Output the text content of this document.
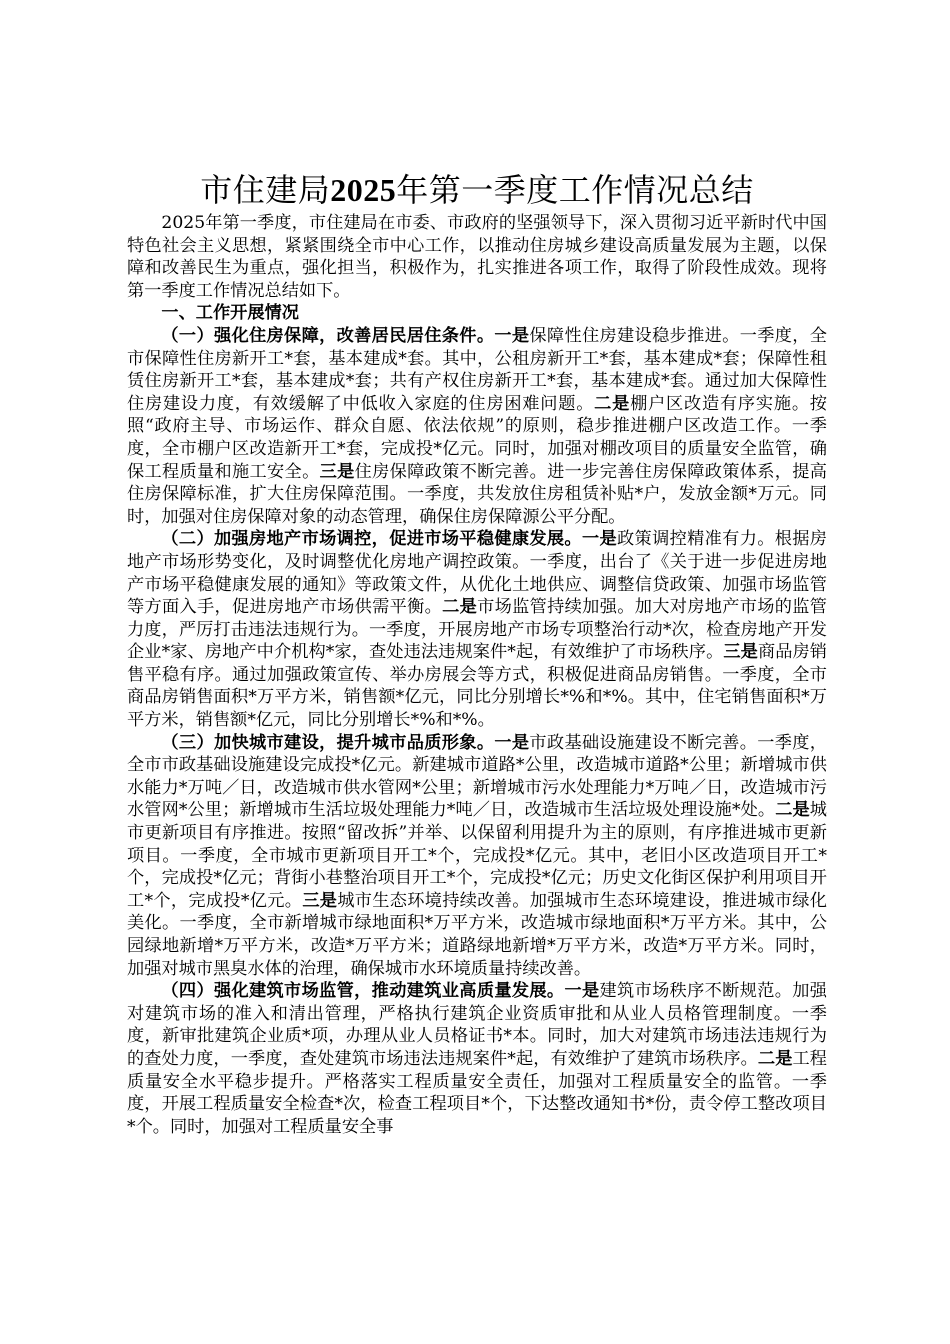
市住建局2025年第一季度工作情况总结

2025年第一季度，市住建局在市委、市政府的坚强领导下，深入贯彻习近平新时代中国特色社会主义思想，紧紧围绕全市中心工作，以推动住房城乡建设高质量发展为主题，以保障和改善民生为重点，强化担当，积极作为，扎实推进各项工作，取得了阶段性成效。现将第一季度工作情况总结如下。

一、工作开展情况

（一）强化住房保障，改善居民居住条件。一是保障性住房建设稳步推进。一季度，全市保障性住房新开工*套，基本建成*套。其中，公租房新开工*套，基本建成*套；保障性租赁住房新开工*套，基本建成*套；共有产权住房新开工*套，基本建成*套。通过加大保障性住房建设力度，有效缓解了中低收入家庭的住房困难问题。二是棚户区改造有序实施。按照“政府主导、市场运作、群众自愿、依法依规”的原则，稳步推进棚户区改造工作。一季度，全市棚户区改造新开工*套，完成投*亿元。同时，加强对棚改项目的质量安全监管，确保工程质量和施工安全。三是住房保障政策不断完善。进一步完善住房保障政策体系，提高住房保障标准，扩大住房保障范围。一季度，共发放住房租赁补贴*户，发放金额*万元。同时，加强对住房保障对象的动态管理，确保住房保障源公平分配。

（二）加强房地产市场调控，促进市场平稳健康发展。一是政策调控精准有力。根据房地产市场形势变化，及时调整优化房地产调控政策。一季度，出台了《关于进一步促进房地产市场平稳健康发展的通知》等政策文件，从优化土地供应、调整信贷政策、加强市场监管等方面入手，促进房地产市场供需平衡。二是市场监管持续加强。加大对房地产市场的监管力度，严厉打击违法违规行为。一季度，开展房地产市场专项整治行动*次，检查房地产开发企业*家、房地产中介机构*家，查处违法违规案件*起，有效维护了市场秩序。三是商品房销售平稳有序。通过加强政策宣传、举办房展会等方式，积极促进商品房销售。一季度，全市商品房销售面积*万平方米，销售额*亿元，同比分别增长*%和*%。其中，住宅销售面积*万平方米，销售额*亿元，同比分别增长*%和*%。

（三）加快城市建设，提升城市品质形象。一是市政基础设施建设不断完善。一季度，全市市政基础设施建设完成投*亿元。新建城市道路*公里，改造城市道路*公里；新增城市供水能力*万吨／日，改造城市供水管网*公里；新增城市污水处理能力*万吨／日，改造城市污水管网*公里；新增城市生活垃圾处理能力*吨／日，改造城市生活垃圾处理设施*处。二是城市更新项目有序推进。按照“留改拆”并举、以保留利用提升为主的原则，有序推进城市更新项目。一季度，全市城市更新项目开工*个，完成投*亿元。其中，老旧小区改造项目开工*个，完成投*亿元；背街小巷整治项目开工*个，完成投*亿元；历史文化街区保护利用项目开工*个，完成投*亿元。三是城市生态环境持续改善。加强城市生态环境建设，推进城市绿化美化。一季度，全市新增城市绿地面积*万平方米，改造城市绿地面积*万平方米。其中，公园绿地新增*万平方米，改造*万平方米；道路绿地新增*万平方米，改造*万平方米。同时，加强对城市黑臭水体的治理，确保城市水环境质量持续改善。

（四）强化建筑市场监管，推动建筑业高质量发展。一是建筑市场秩序不断规范。加强对建筑市场的准入和清出管理，严格执行建筑企业资质审批和从业人员格管理制度。一季度，新审批建筑企业质*项，办理从业人员格证书*本。同时，加大对建筑市场违法违规行为的查处力度，一季度，查处建筑市场违法违规案件*起，有效维护了建筑市场秩序。二是工程质量安全水平稳步提升。严格落实工程质量安全责任，加强对工程质量安全的监管。一季度，开展工程质量安全检查*次，检查工程项目*个，下达整改通知书*份，责令停工整改项目*个。同时，加强对工程质量安全事
